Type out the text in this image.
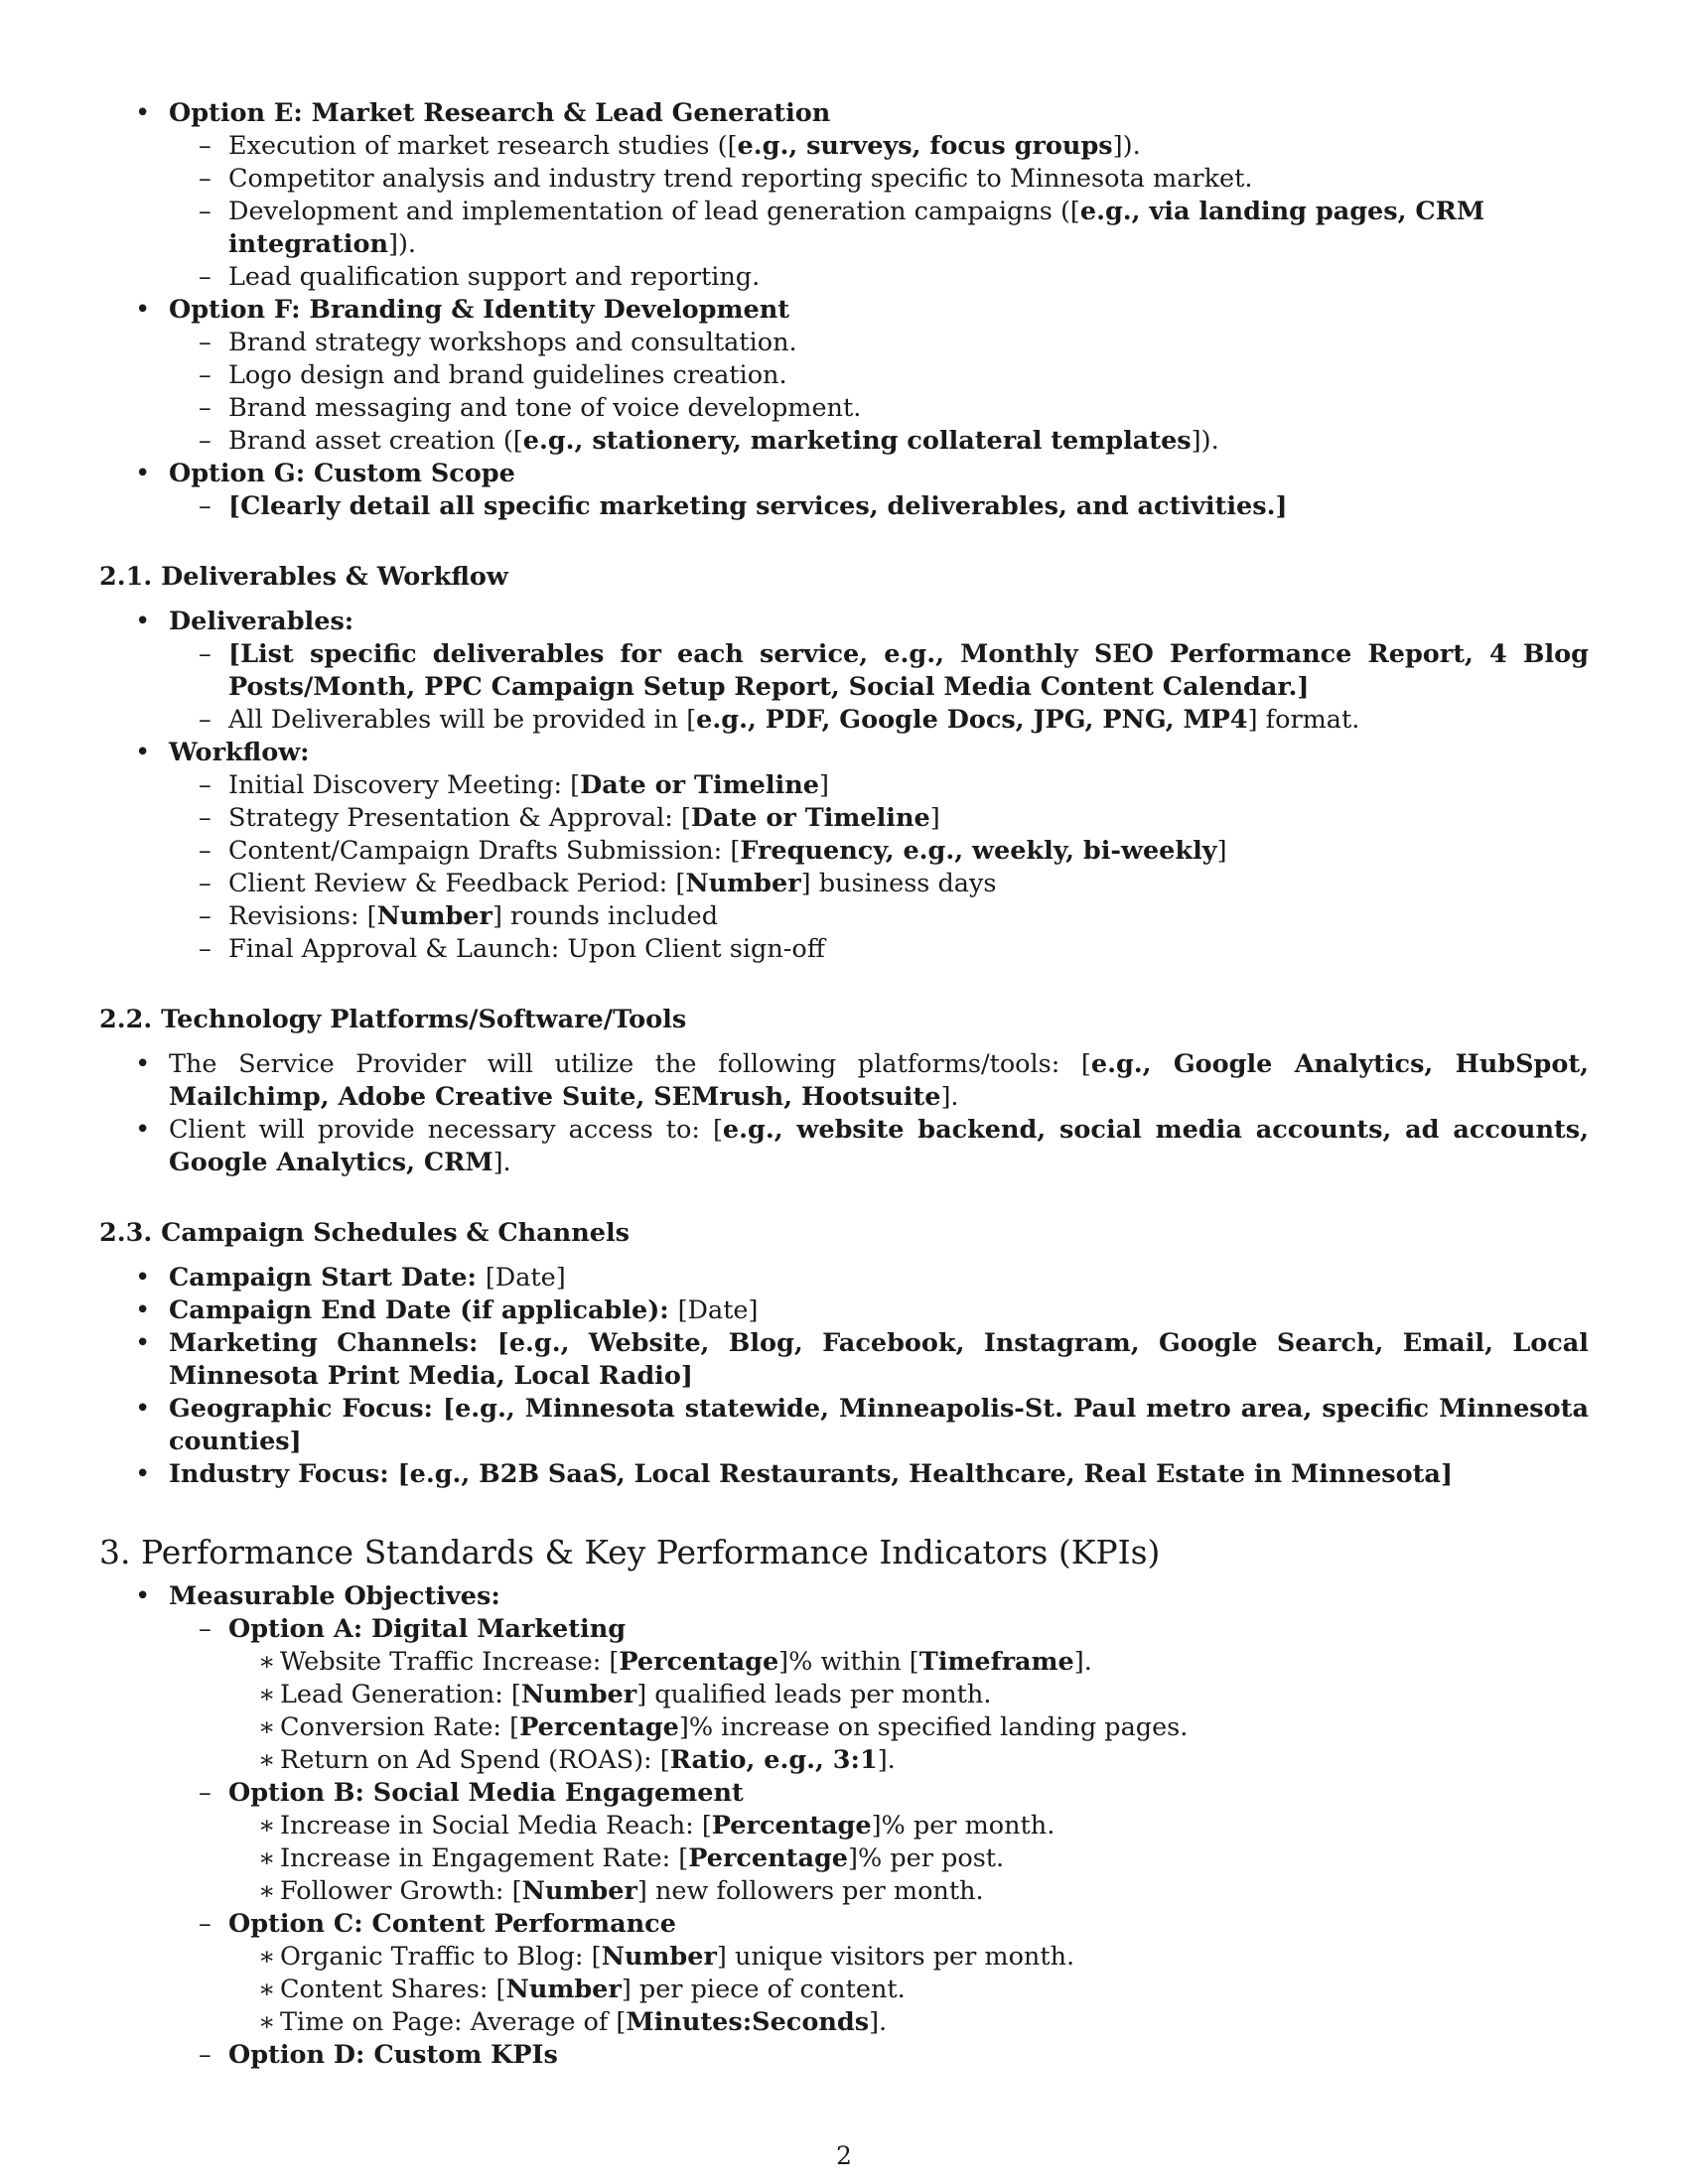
• Option E: Market Research & Lead Generation
– Execution of market research studies ([e.g., surveys, focus groups]).
– Competitor analysis and industry trend reporting specific to Minnesota market.
– Development and implementation of lead generation campaigns ([e.g., via landing pages, CRM integration]).
– Lead qualification support and reporting.
• Option F: Branding & Identity Development
– Brand strategy workshops and consultation.
– Logo design and brand guidelines creation.
– Brand messaging and tone of voice development.
– Brand asset creation ([e.g., stationery, marketing collateral templates]).
• Option G: Custom Scope
– [Clearly detail all specific marketing services, deliverables, and activities.]
2.1. Deliverables & Workflow
• Deliverables:
– [List specific deliverables for each service, e.g., Monthly SEO Performance Report, 4 Blog Posts/Month, PPC Campaign Setup Report, Social Media Content Calendar.]
– All Deliverables will be provided in [e.g., PDF, Google Docs, JPG, PNG, MP4] format.
• Workflow:
– Initial Discovery Meeting: [Date or Timeline]
– Strategy Presentation & Approval: [Date or Timeline]
– Content/Campaign Drafts Submission: [Frequency, e.g., weekly, bi-weekly]
– Client Review & Feedback Period: [Number] business days
– Revisions: [Number] rounds included
– Final Approval & Launch: Upon Client sign-off
2.2. Technology Platforms/Software/Tools
• The Service Provider will utilize the following platforms/tools: [e.g., Google Analytics, HubSpot, Mailchimp, Adobe Creative Suite, SEMrush, Hootsuite].
• Client will provide necessary access to: [e.g., website backend, social media accounts, ad accounts, Google Analytics, CRM].
2.3. Campaign Schedules & Channels
• Campaign Start Date: [Date]
• Campaign End Date (if applicable): [Date]
• Marketing Channels: [e.g., Website, Blog, Facebook, Instagram, Google Search, Email, Local Minnesota Print Media, Local Radio]
• Geographic Focus: [e.g., Minnesota statewide, Minneapolis-St. Paul metro area, specific Minnesota counties]
• Industry Focus: [e.g., B2B SaaS, Local Restaurants, Healthcare, Real Estate in Minnesota]
3. Performance Standards & Key Performance Indicators (KPIs)
• Measurable Objectives:
– Option A: Digital Marketing
∗ Website Traffic Increase: [Percentage]% within [Timeframe].
∗ Lead Generation: [Number] qualified leads per month.
∗ Conversion Rate: [Percentage]% increase on specified landing pages.
∗ Return on Ad Spend (ROAS): [Ratio, e.g., 3:1].
– Option B: Social Media Engagement
∗ Increase in Social Media Reach: [Percentage]% per month.
∗ Increase in Engagement Rate: [Percentage]% per post.
∗ Follower Growth: [Number] new followers per month.
– Option C: Content Performance
∗ Organic Traffic to Blog: [Number] unique visitors per month.
∗ Content Shares: [Number] per piece of content.
∗ Time on Page: Average of [Minutes:Seconds].
– Option D: Custom KPIs
2
